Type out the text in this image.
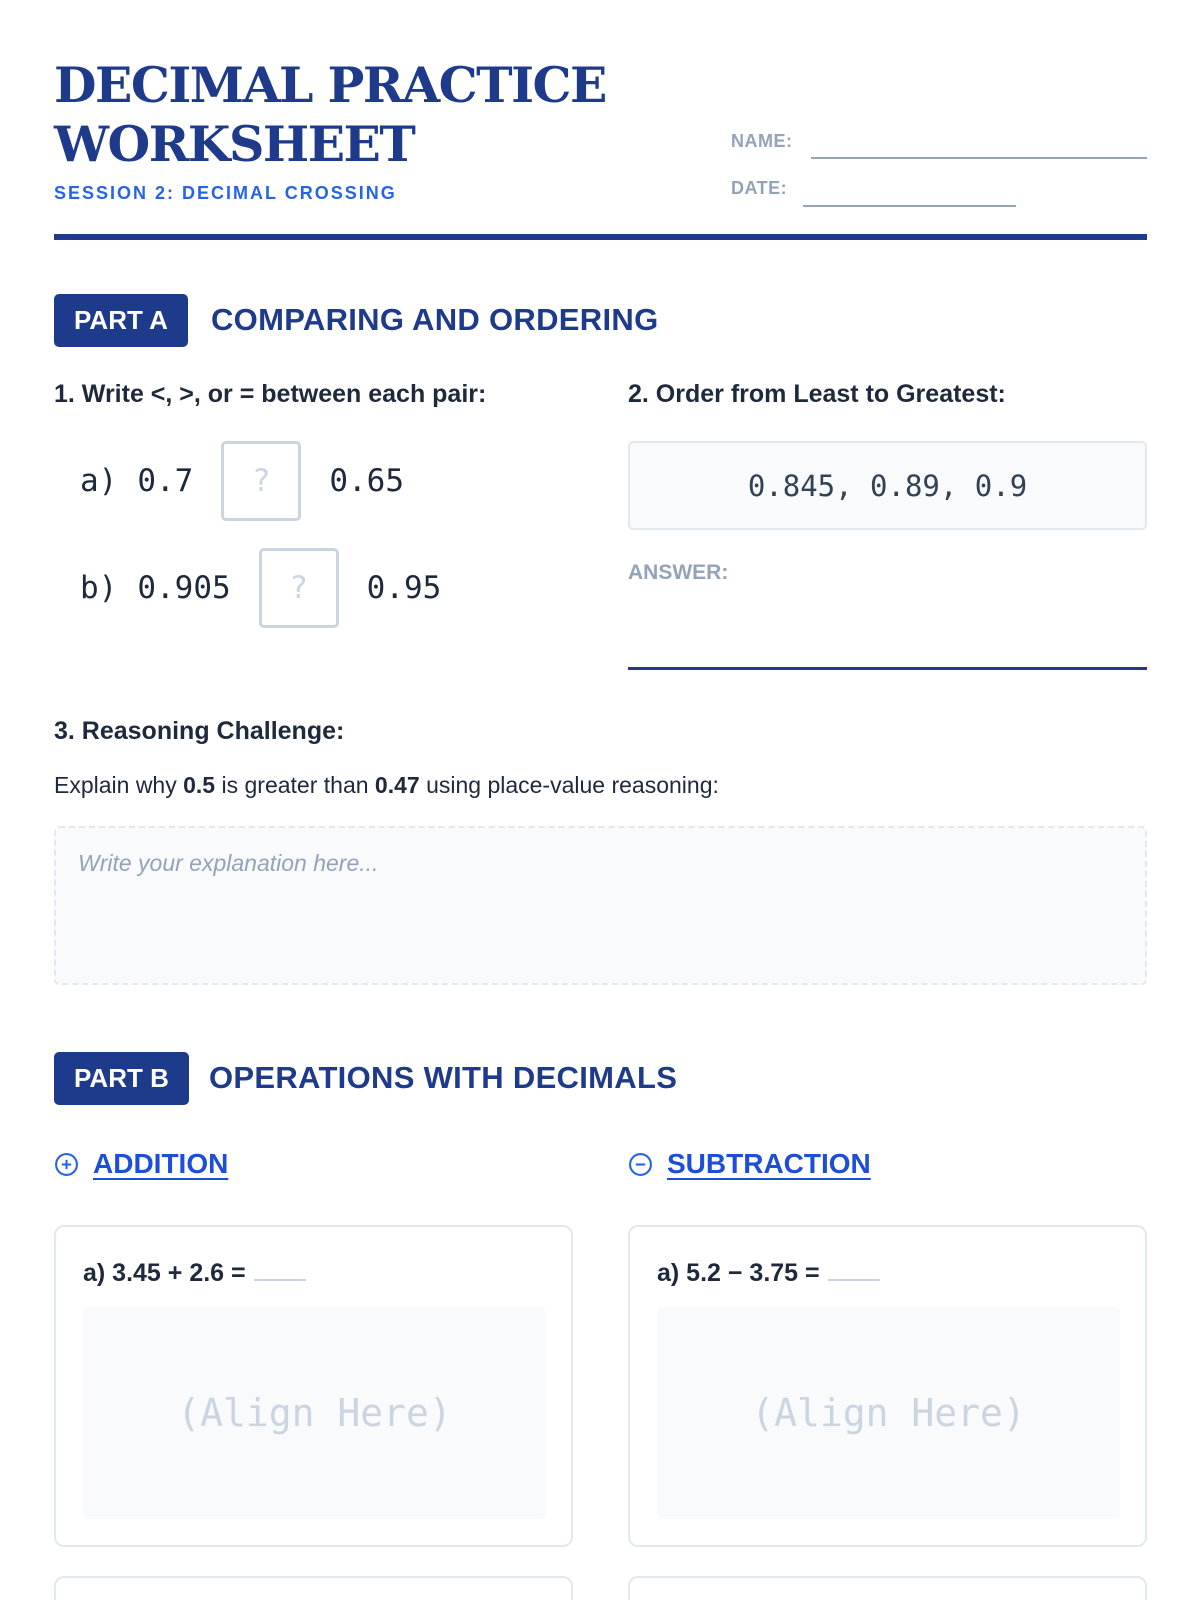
DECIMAL PRACTICE
WORKSHEET
SESSION 2: DECIMAL CROSSING
NAME:
DATE:
PART A	COMPARING AND ORDERING
1. Write <, >, or = between each pair:
a) 0.7	?	0.65
b) 0.905	?	0.95
2. Order from Least to Greatest:
0.845, 0.89, 0.9
ANSWER:
3. Reasoning Challenge:
Explain why 0.5 is greater than 0.47 using place-value reasoning:
Write your explanation here...
PART B	OPERATIONS WITH DECIMALS
ADDITION	SUBTRACTION
a) 3.45 + 2.6 =
(Align Here)
a) 5.2 − 3.75 =
(Align Here)
